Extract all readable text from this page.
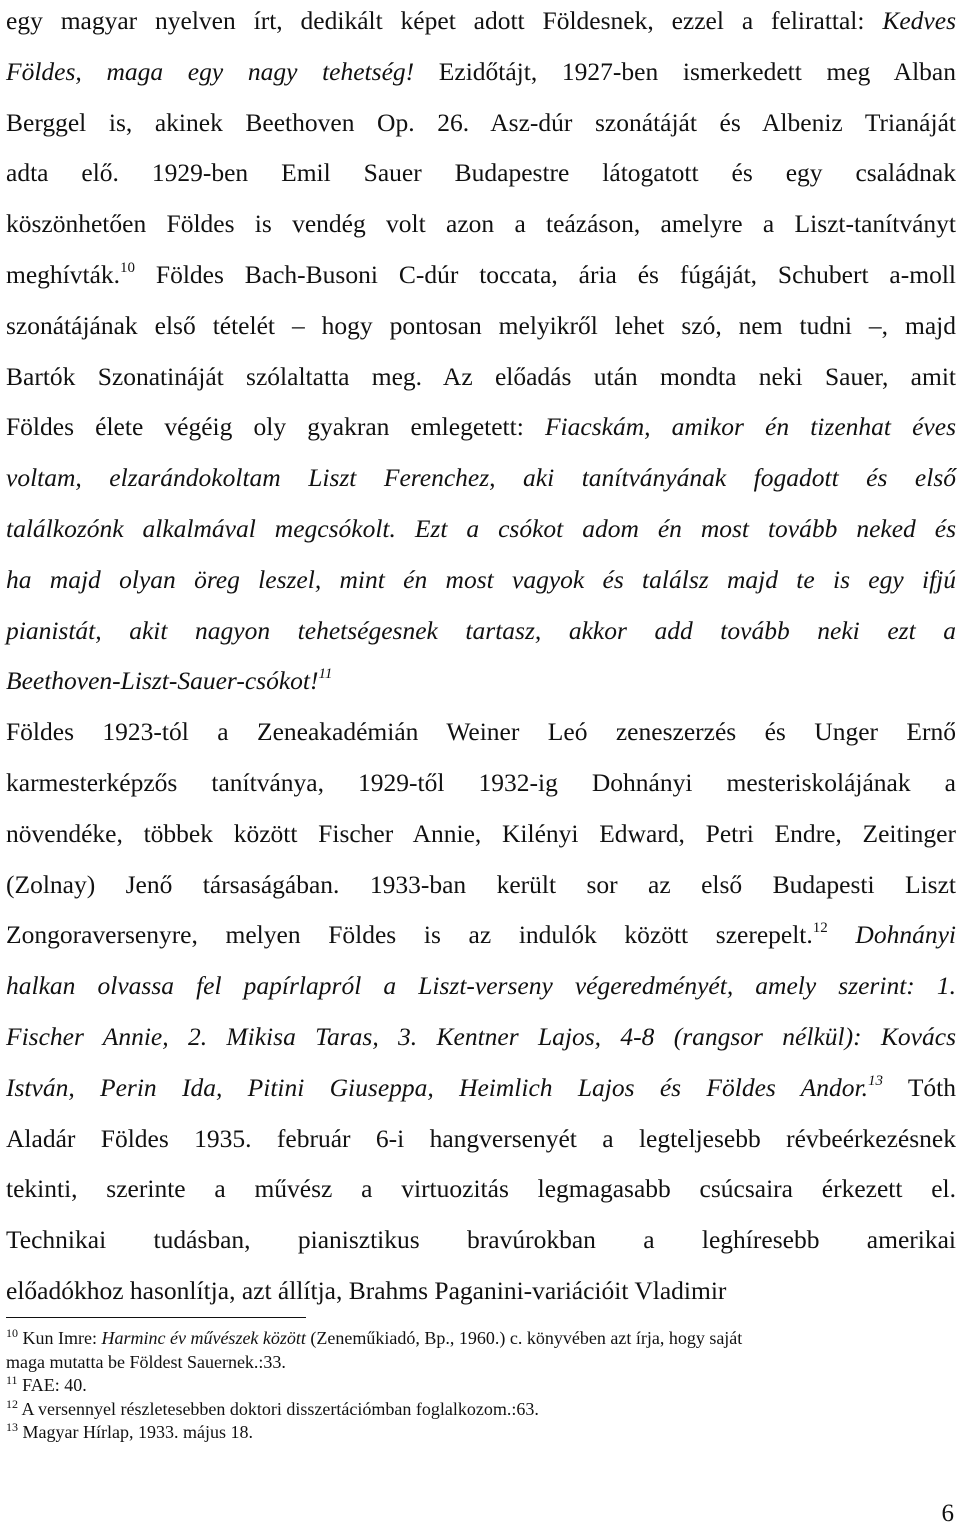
egy magyar nyelven írt, dedikált képet adott Földesnek, ezzel a felirattal: Kedves
Földes, maga egy nagy tehetség! Ezidőtájt, 1927-ben ismerkedett meg Alban
Berggel is, akinek Beethoven Op. 26. Asz-dúr szonátáját és Albeniz Trianáját
adta elő. 1929-ben Emil Sauer Budapestre látogatott és egy családnak
köszönhetően Földes is vendég volt azon a teázáson, amelyre a Liszt-tanítványt
meghívták.$^{10}$ Földes Bach-Busoni C-dúr toccata, ária és fúgáját, Schubert a-moll
szonátájának első tételét – hogy pontosan melyikről lehet szó, nem tudni –, majd
Bartók Szonatináját szólaltatta meg. Az előadás után mondta neki Sauer, amit
Földes élete végéig oly gyakran emlegetett: Fiacskám, amikor én tizenhat éves
voltam, elzarándokoltam Liszt Ferenchez, aki tanítványának fogadott és első
találkozónk alkalmával megcsókolt. Ezt a csókot adom én most tovább neked és
ha majd olyan öreg leszel, mint én most vagyok és találsz majd te is egy ifjú
pianistát, akit nagyon tehetségesnek tartasz, akkor add tovább neki ezt a
Beethoven-Liszt-Sauer-csókot!$^{11}$
Földes 1923-tól a Zeneakadémián Weiner Leó zeneszerzés és Unger Ernő
karmesterképzős tanítványa, 1929-től 1932-ig Dohnányi mesteriskolájának a
növendéke, többek között Fischer Annie, Kilényi Edward, Petri Endre, Zeitinger
(Zolnay) Jenő társaságában. 1933-ban került sor az első Budapesti Liszt
Zongoraversenyre, melyen Földes is az indulók között szerepelt.$^{12}$ Dohnányi
halkan olvassa fel papírlapról a Liszt-verseny végeredményét, amely szerint: 1.
Fischer Annie, 2. Mikisa Taras, 3. Kentner Lajos, 4-8 (rangsor nélkül): Kovács
István, Perin Ida, Pitini Giuseppa, Heimlich Lajos és Földes Andor.$^{13}$ Tóth
Aladár Földes 1935. február 6-i hangversenyét a legteljesebb révbeérkezésnek
tekinti, szerinte a művész a virtuozitás legmagasabb csúcsaira érkezett el.
Technikai tudásban, pianisztikus bravúrokban a leghíresebb amerikai
előadókhoz hasonlítja, azt állítja, Brahms Paganini-variációit Vladimir
$^{10}$ Kun Imre: Harminc év művészek között (Zeneműkiadó, Bp., 1960.) c. könyvében azt írja, hogy saját
maga mutatta be Földest Sauernek.:33.
$^{11}$ FAE: 40.
$^{12}$ A versennyel részletesebben doktori disszertációmban foglalkozom.:63.
$^{13}$ Magyar Hírlap, 1933. május 18.
6
